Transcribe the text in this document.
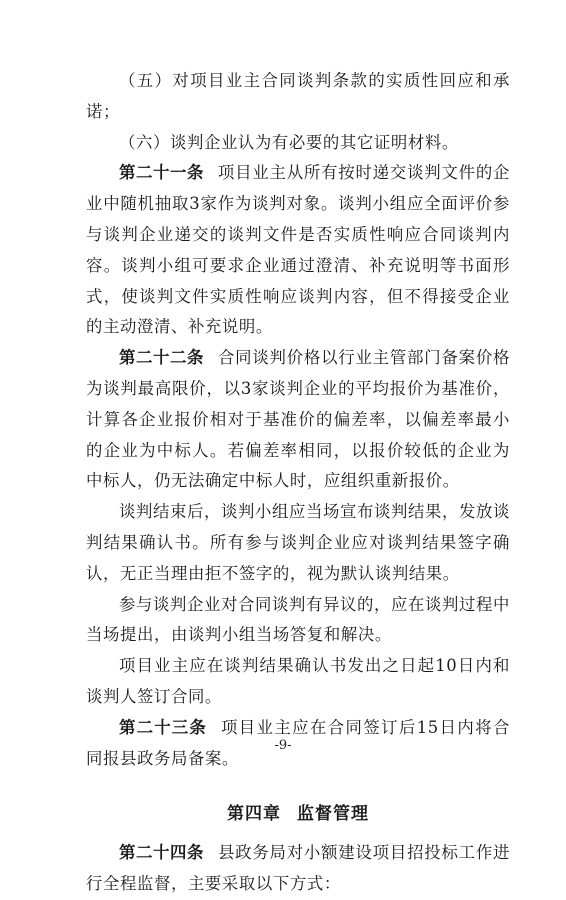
（五）对项目业主合同谈判条款的实质性回应和承诺；

（六）谈判企业认为有必要的其它证明材料。

第二十一条 项目业主从所有按时递交谈判文件的企业中随机抽取3家作为谈判对象。谈判小组应全面评价参与谈判企业递交的谈判文件是否实质性响应合同谈判内容。谈判小组可要求企业通过澄清、补充说明等书面形式，使谈判文件实质性响应谈判内容，但不得接受企业的主动澄清、补充说明。

第二十二条 合同谈判价格以行业主管部门备案价格为谈判最高限价，以3家谈判企业的平均报价为基准价，计算各企业报价相对于基准价的偏差率，以偏差率最小的企业为中标人。若偏差率相同，以报价较低的企业为中标人，仍无法确定中标人时，应组织重新报价。

谈判结束后，谈判小组应当场宣布谈判结果，发放谈判结果确认书。所有参与谈判企业应对谈判结果签字确认，无正当理由拒不签字的，视为默认谈判结果。

参与谈判企业对合同谈判有异议的，应在谈判过程中当场提出，由谈判小组当场答复和解决。

项目业主应在谈判结果确认书发出之日起10日内和谈判人签订合同。

第二十三条 项目业主应在合同签订后15日内将合同报县政务局备案。

第四章 监督管理

第二十四条 县政务局对小额建设项目招投标工作进行全程监督，主要采取以下方式：

-9-
